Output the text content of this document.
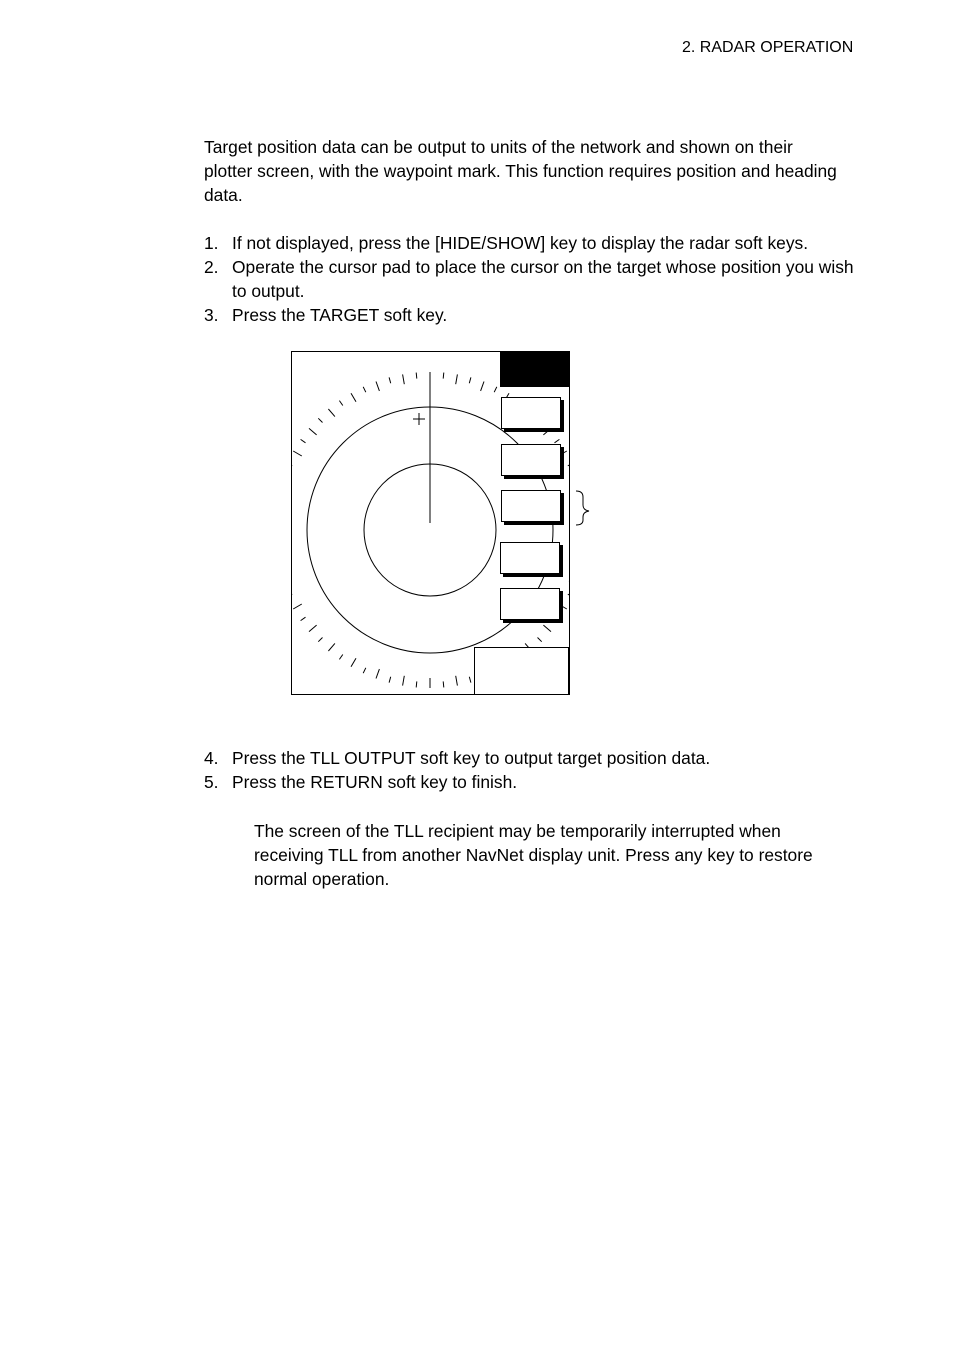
2. RADAR OPERATION
Target position data can be output to units of the network and shown on their plotter screen, with the waypoint mark. This function requires position and heading data.
1. If not displayed, press the [HIDE/SHOW] key to display the radar soft keys.
2. Operate the cursor pad to place the cursor on the target whose position you wish to output.
3. Press the TARGET soft key.
4. Press the TLL OUTPUT soft key to output target position data.
5. Press the RETURN soft key to finish.
The screen of the TLL recipient may be temporarily interrupted when receiving TLL from another NavNet display unit. Press any key to restore normal operation.
